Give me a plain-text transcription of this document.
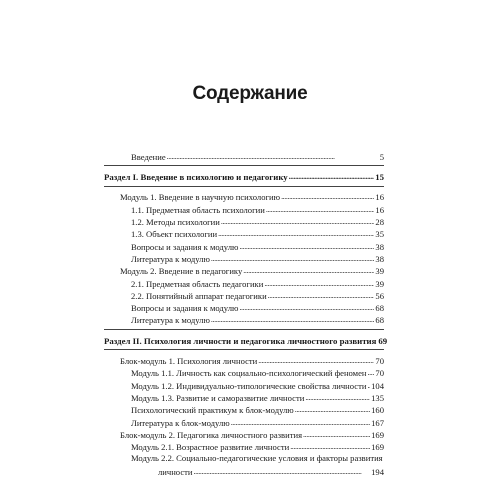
Содержание
Введение . . .	5
Раздел I. Введение в психологию и педагогику . . .	15
Модуль 1. Введение в научную психологию . . .	16
1.1. Предметная область психологии . . .	16
1.2. Методы психологии . . .	28
1.3. Объект психологии . . .	35
Вопросы и задания к модулю . . .	38
Литература к модулю . . .	38
Модуль 2. Введение в педагогику . . .	39
2.1. Предметная область педагогики . . .	39
2.2. Понятийный аппарат педагогики . . .	56
Вопросы и задания к модулю . . .	68
Литература к модулю . . .	68
Раздел II. Психология личности и педагогика личностного развития 69
Блок-модуль 1. Психология личности . . .	70
Модуль 1.1. Личность как социально-психологический феномен . . . 70
Модуль 1.2. Индивидуально-типологические свойства личности . . . 104
Модуль 1.3. Развитие и саморазвитие личности . . .	135
Психологический практикум к блок-модулю . . .	160
Литература к блок-модулю . . .	167
Блок-модуль 2. Педагогика личностного развития . . .	169
Модуль 2.1. Возрастное развитие личности . . .	169
Модуль 2.2. Социально-педагогические условия и факторы развития
личности . . .	194
